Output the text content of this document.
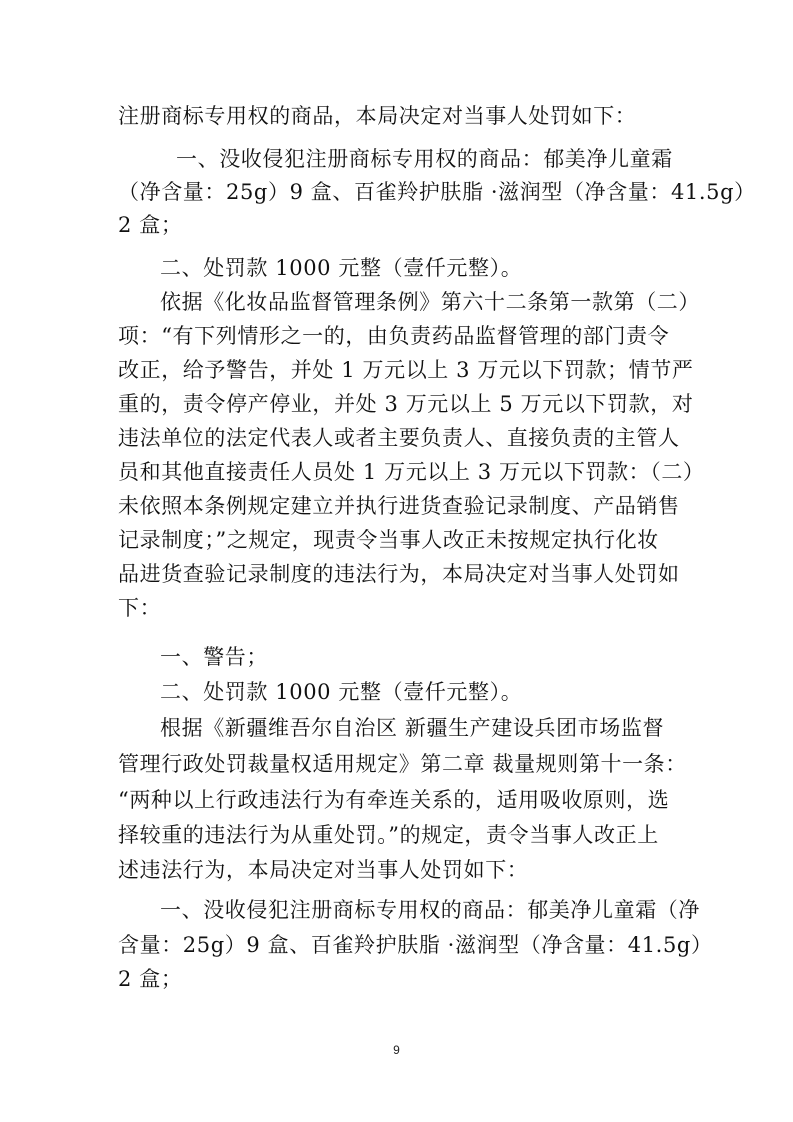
注册商标专用权的商品，本局决定对当事人处罚如下：
一、没收侵犯注册商标专用权的商品：郁美净儿童霜
（净含量：25g）9 盒、百雀羚护肤脂 ·滋润型（净含量：41.5g）
2 盒；
二、处罚款 1000 元整（壹仟元整）。
依据《化妆品监督管理条例》第六十二条第一款第（二）
项：“有下列情形之一的，由负责药品监督管理的部门责令
改正，给予警告，并处 1 万元以上 3 万元以下罚款；情节严
重的，责令停产停业，并处 3 万元以上 5 万元以下罚款，对
违法单位的法定代表人或者主要负责人、直接负责的主管人
员和其他直接责任人员处 1 万元以上 3 万元以下罚款：（二）
未依照本条例规定建立并执行进货查验记录制度、产品销售
记录制度；”之规定，现责令当事人改正未按规定执行化妆
品进货查验记录制度的违法行为，本局决定对当事人处罚如
下：
一、警告；
二、处罚款 1000 元整（壹仟元整）。
根据《新疆维吾尔自治区 新疆生产建设兵团市场监督
管理行政处罚裁量权适用规定》第二章 裁量规则第十一条：
“两种以上行政违法行为有牵连关系的，适用吸收原则，选
择较重的违法行为从重处罚。”的规定，责令当事人改正上
述违法行为，本局决定对当事人处罚如下：
一、没收侵犯注册商标专用权的商品：郁美净儿童霜（净
含量：25g）9 盒、百雀羚护肤脂 ·滋润型（净含量：41.5g）
2 盒；
9
